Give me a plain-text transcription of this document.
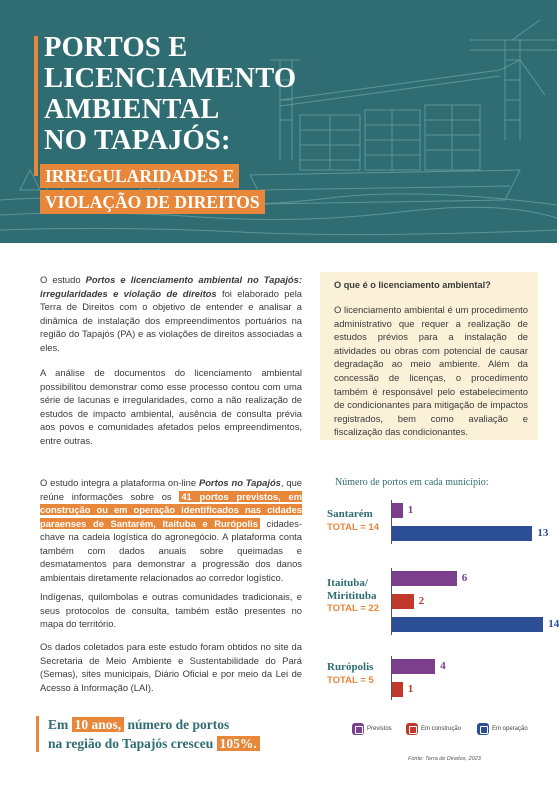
PORTOS E
LICENCIAMENTO
AMBIENTAL
NO TAPAJÓS:
IRREGULARIDADES E
VIOLAÇÃO DE DIREITOS

O estudo Portos e licenciamento ambiental no Tapajós: irregularidades e violação de direitos foi elaborado pela Terra de Direitos com o objetivo de entender e analisar a dinâmica de instalação dos empreendimentos portuários na região do Tapajós (PA) e as violações de direitos associadas a eles.

A análise de documentos do licenciamento ambiental possibilitou demonstrar como esse processo contou com uma série de lacunas e irregularidades, como a não realização de estudos de impacto ambiental, ausência de consulta prévia aos povos e comunidades afetados pelos empreendimentos, entre outras.

O estudo integra a plataforma on-line Portos no Tapajós, que reúne informações sobre os 41 portos previstos, em construção ou em operação identificados nas cidades paraenses de Santarém, Itaituba e Rurópolis cidades-chave na cadeia logística do agronegócio. A plataforma conta também com dados anuais sobre queimadas e desmatamentos para demonstrar a progressão dos danos ambientais diretamente relacionados ao corredor logístico.

Indígenas, quilombolas e outras comunidades tradicionais, e seus protocolos de consulta, também estão presentes no mapa do território.

Os dados coletados para este estudo foram obtidos no site da Secretaria de Meio Ambiente e Sustentabilidade do Pará (Semas), sites municipais, Diário Oficial e por meio da Lei de Acesso à Informação (LAI).

O que é o licenciamento ambiental?
O licenciamento ambiental é um procedimento administrativo que requer a realização de estudos prévios para a instalação de atividades ou obras com potencial de causar degradação ao meio ambiente. Além da concessão de licenças, o procedimento também é responsável pelo estabelecimento de condicionantes para mitigação de impactos registrados, bem como avaliação e fiscalização das condicionantes.
Número de portos em cada município:
Santarém
TOTAL = 14
Itaituba/ Miritituba
TOTAL = 22
Rurópolis
TOTAL = 5
1
13
6
2
14
4
1
Previstos	Em construção	Em operação
Fonte: Terra de Direitos, 2023
Em 10 anos, número de portos
na região do Tapajós cresceu 105%.
